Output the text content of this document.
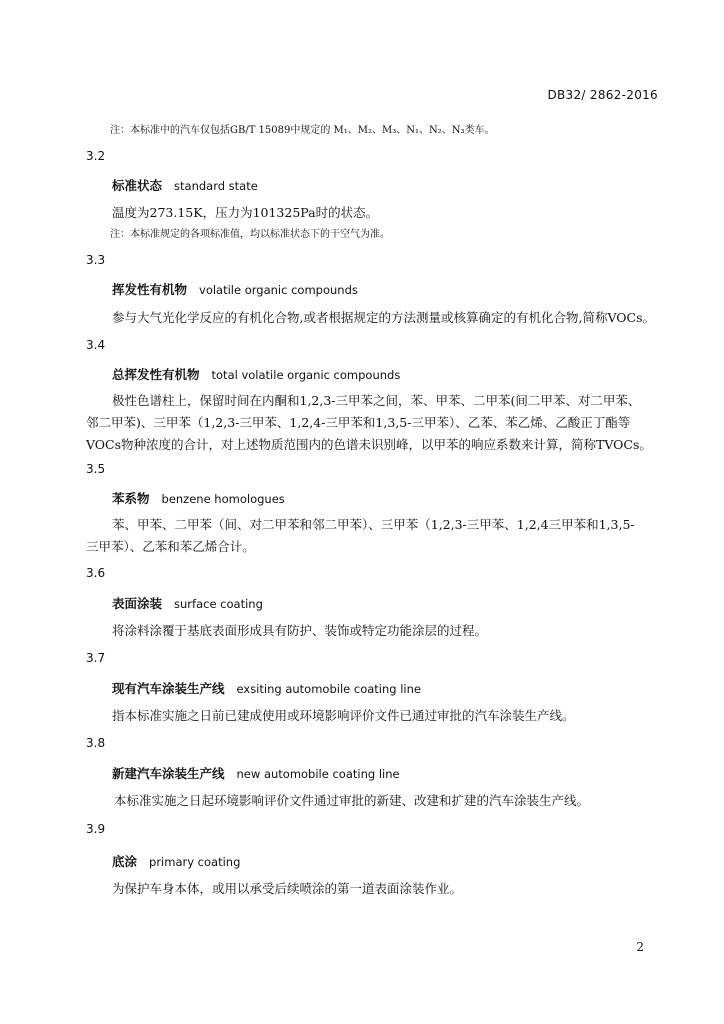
DB32/ 2862-2016
注：本标准中的汽车仅包括GB/T 15089中规定的 M₁、M₂、M₃、N₁、N₂、N₃类车。
3.2
标准状态 standard state
温度为273.15K，压力为101325Pa时的状态。
注：本标准规定的各项标准值，均以标准状态下的干空气为准。
3.3
挥发性有机物 volatile organic compounds
参与大气光化学反应的有机化合物,或者根据规定的方法测量或核算确定的有机化合物,简称VOCs。
3.4
总挥发性有机物 total volatile organic compounds
极性色谱柱上，保留时间在内酮和1,2,3-三甲苯之间，苯、甲苯、二甲苯(间二甲苯、对二甲苯、
邻二甲苯)、三甲苯（1,2,3-三甲苯、1,2,4-三甲苯和1,3,5-三甲苯）、乙苯、苯乙烯、乙酸正丁酯等
VOCs物种浓度的合计，对上述物质范围内的色谱未识别峰，以甲苯的响应系数来计算，简称TVOCs。
3.5
苯系物 benzene homologues
苯、甲苯、二甲苯（间、对二甲苯和邻二甲苯）、三甲苯（1,2,3-三甲苯、1,2,4三甲苯和1,3,5-
三甲苯）、乙苯和苯乙烯合计。
3.6
表面涂装 surface coating
将涂料涂覆于基底表面形成具有防护、装饰或特定功能涂层的过程。
3.7
现有汽车涂装生产线 exsiting automobile coating line
指本标准实施之日前已建成使用或环境影响评价文件已通过审批的汽车涂装生产线。
3.8
新建汽车涂装生产线 new automobile coating line
本标准实施之日起环境影响评价文件通过审批的新建、改建和扩建的汽车涂装生产线。
3.9
底涂 primary coating
为保护车身本体，或用以承受后续喷涂的第一道表面涂装作业。
2
